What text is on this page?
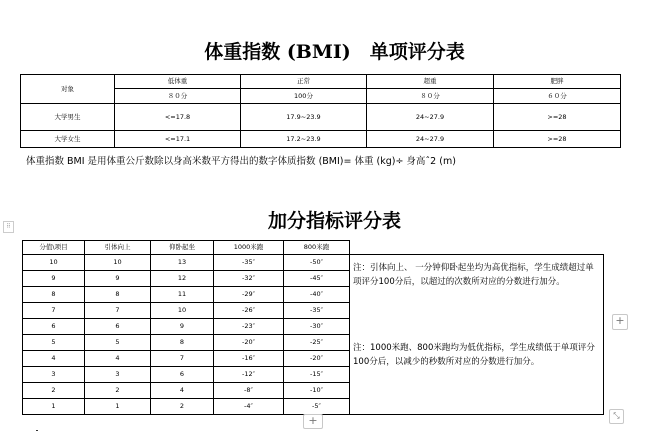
体重指数 (BMI)　单项评分表
对象	低体重	正常	超重	肥胖
	８０分	100分	８０分	６０分
大学男生	<=17.8	17.9~23.9	24~27.9	>=28
大学女生	<=17.1	17.2~23.9	24~27.9	>=28
体重指数 BMI 是用体重公斤数除以身高米数平方得出的数字体质指数 (BMI)= 体重 (kg)÷ 身高ˆ2 (m)
⠿	加分指标评分表
分值\项目	引体向上	仰卧起坐	1000米跑	800米跑	
10	10	13	-35″	-50″	注：引体向上、 一分钟仰卧起坐均为高优指标，学生成绩超过单项评分100分后，以超过的次数所对应的分数进行加分。
注：1000米跑、800米跑均为低优指标，学生成绩低于单项评分100分后，以减少的秒数所对应的分数进行加分。

9	9	12	-32″	-45″	
8	8	11	-29″	-40″	
7	7	10	-26″	-35″	
6	6	9	-23″	-30″	
5	5	8	-20″	-25″	
4	4	7	-16″	-20″	
3	3	6	-12″	-15″	
2	2	4	-8″	-10″	
1	1	2	-4″	-5″	
+
+	⤡
